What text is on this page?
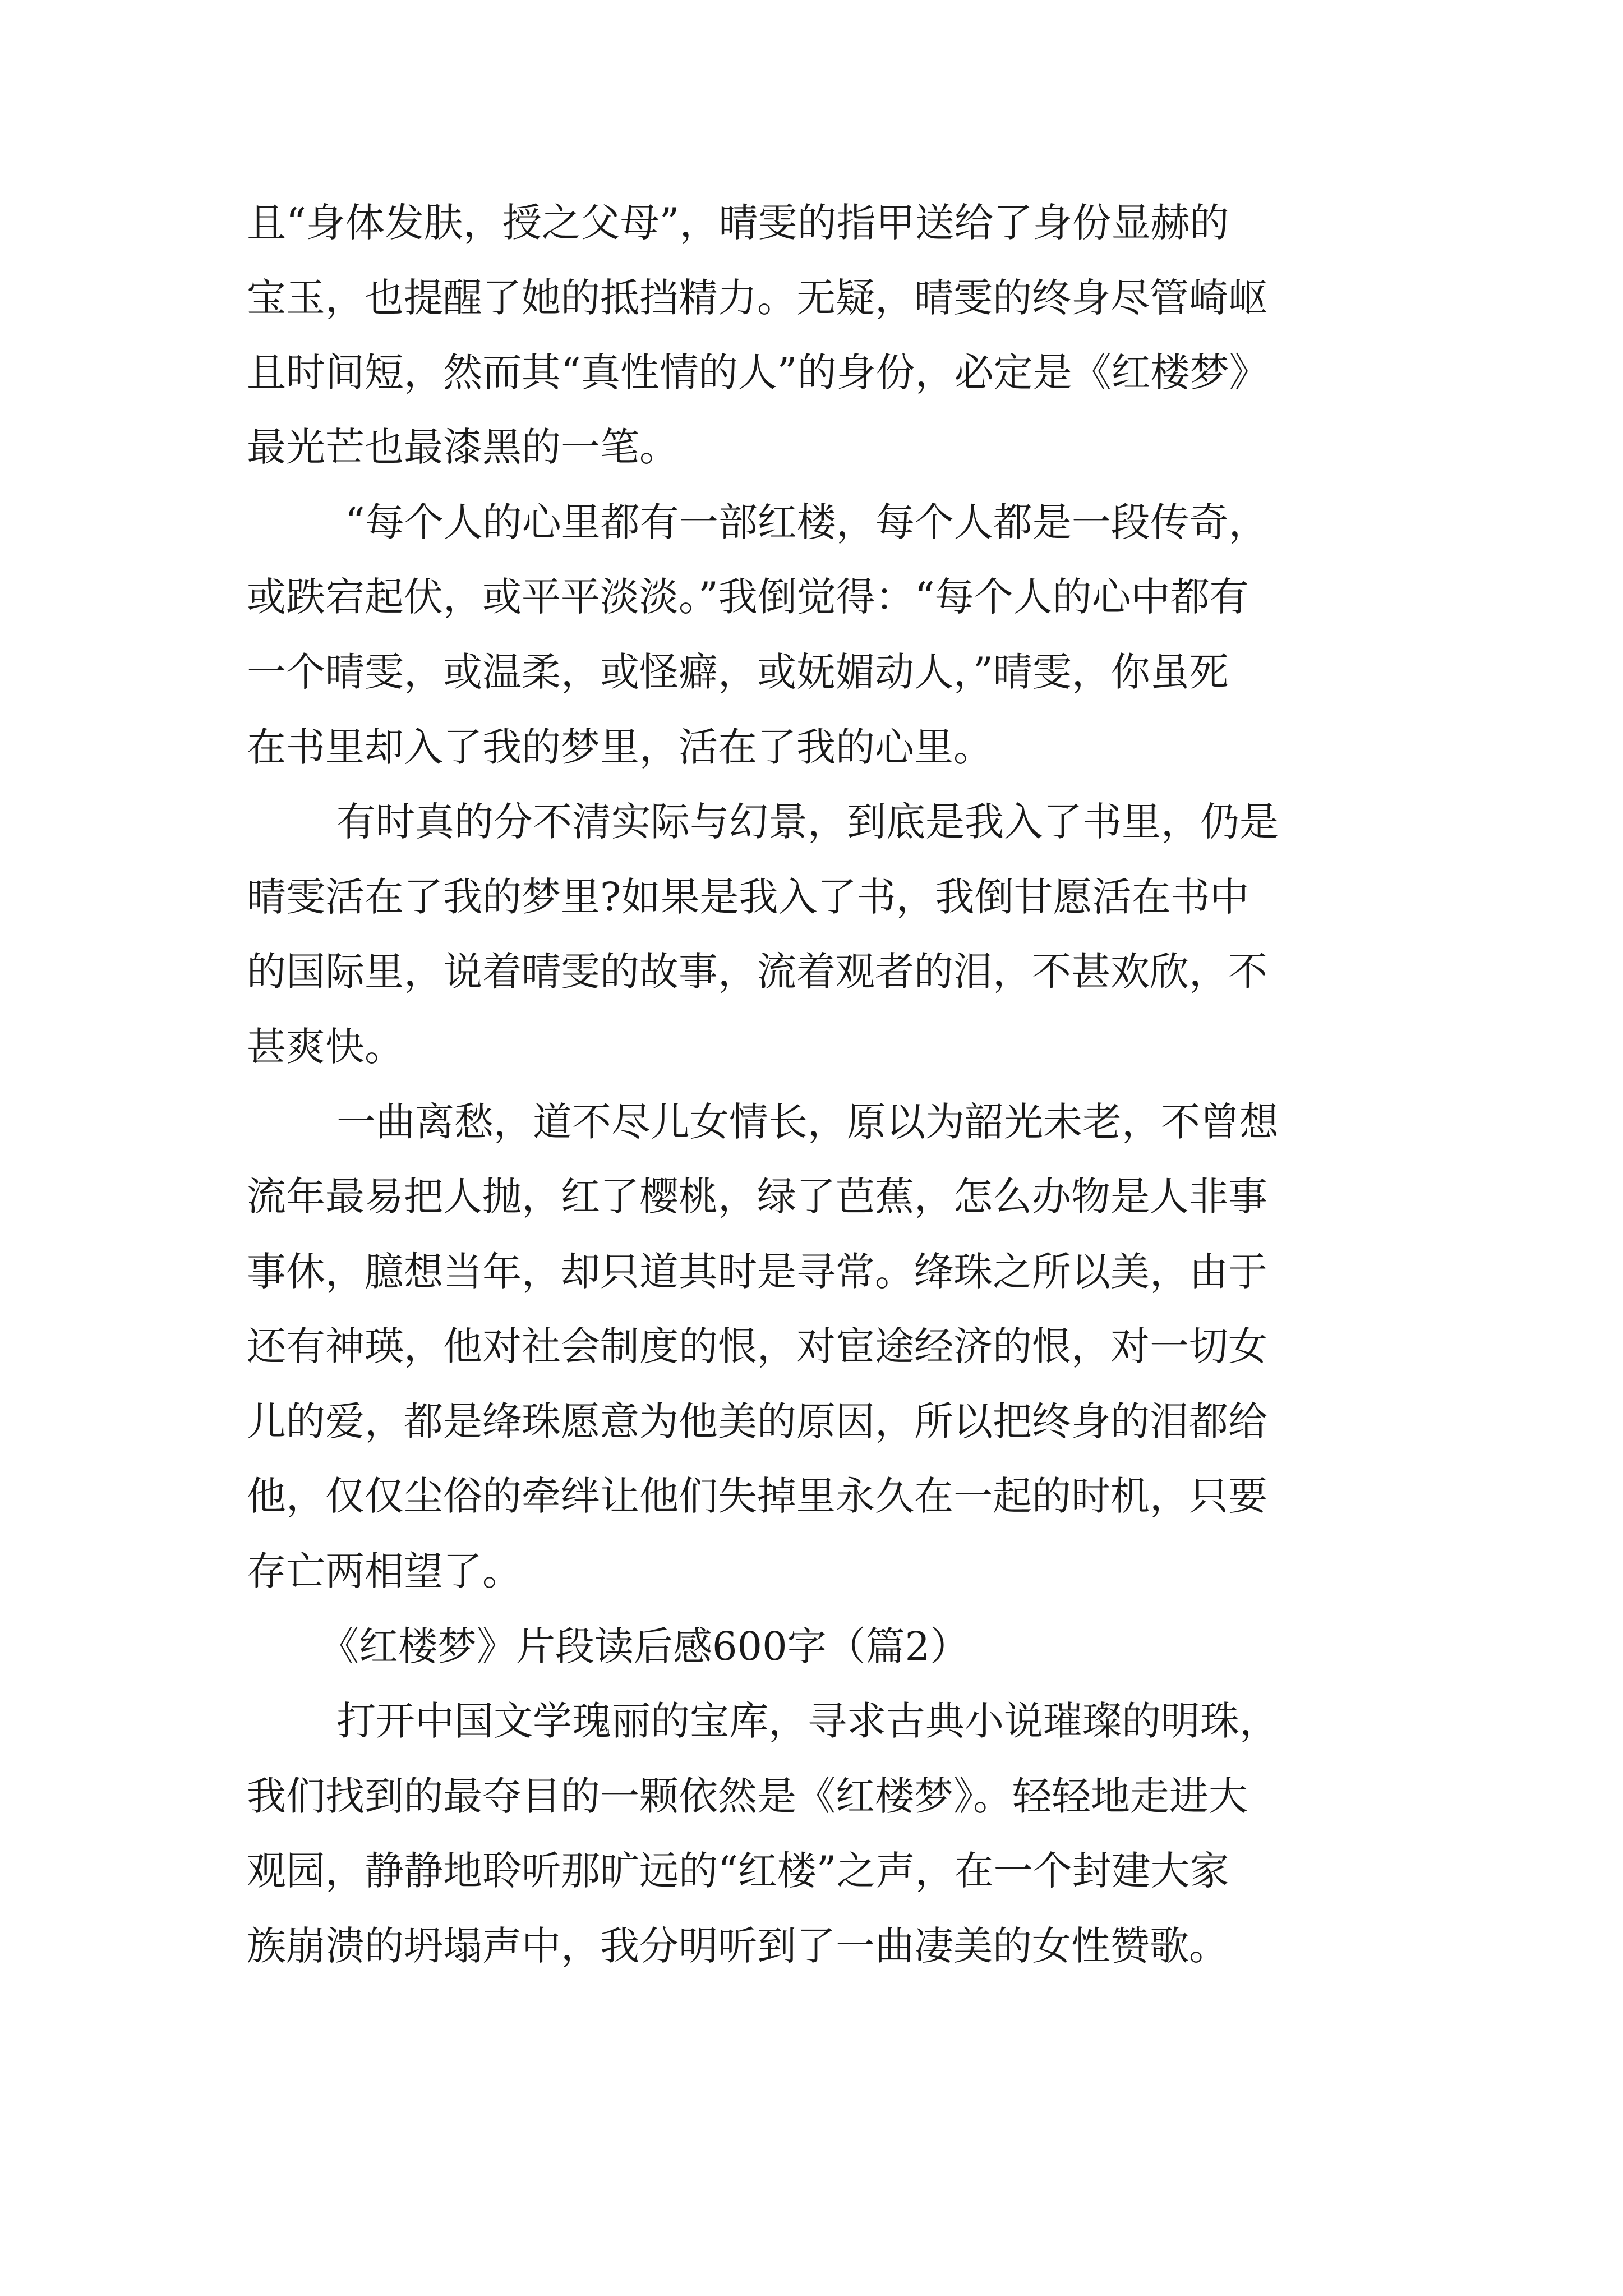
且“身体发肤，授之父母”，晴雯的指甲送给了身份显赫的

宝玉，也提醒了她的抵挡精力。无疑，晴雯的终身尽管崎岖

且时间短，然而其“真性情的人”的身份，必定是《红楼梦》

最光芒也最漆黑的一笔。

“每个人的心里都有一部红楼，每个人都是一段传奇，

或跌宕起伏，或平平淡淡。”我倒觉得：“每个人的心中都有

一个晴雯，或温柔，或怪癖，或妩媚动人，”晴雯，你虽死

在书里却入了我的梦里，活在了我的心里。

有时真的分不清实际与幻景，到底是我入了书里，仍是

晴雯活在了我的梦里?如果是我入了书，我倒甘愿活在书中

的国际里，说着晴雯的故事，流着观者的泪，不甚欢欣，不

甚爽快。

一曲离愁，道不尽儿女情长，原以为韶光未老，不曾想

流年最易把人抛，红了樱桃，绿了芭蕉，怎么办物是人非事

事休，臆想当年，却只道其时是寻常。绛珠之所以美，由于

还有神瑛，他对社会制度的恨，对宦途经济的恨，对一切女

儿的爱，都是绛珠愿意为他美的原因，所以把终身的泪都给

他，仅仅尘俗的牵绊让他们失掉里永久在一起的时机，只要

存亡两相望了。

《红楼梦》片段读后感600字（篇2）

打开中国文学瑰丽的宝库，寻求古典小说璀璨的明珠，

我们找到的最夺目的一颗依然是《红楼梦》。轻轻地走进大

观园，静静地聆听那旷远的“红楼”之声，在一个封建大家

族崩溃的坍塌声中，我分明听到了一曲凄美的女性赞歌。
